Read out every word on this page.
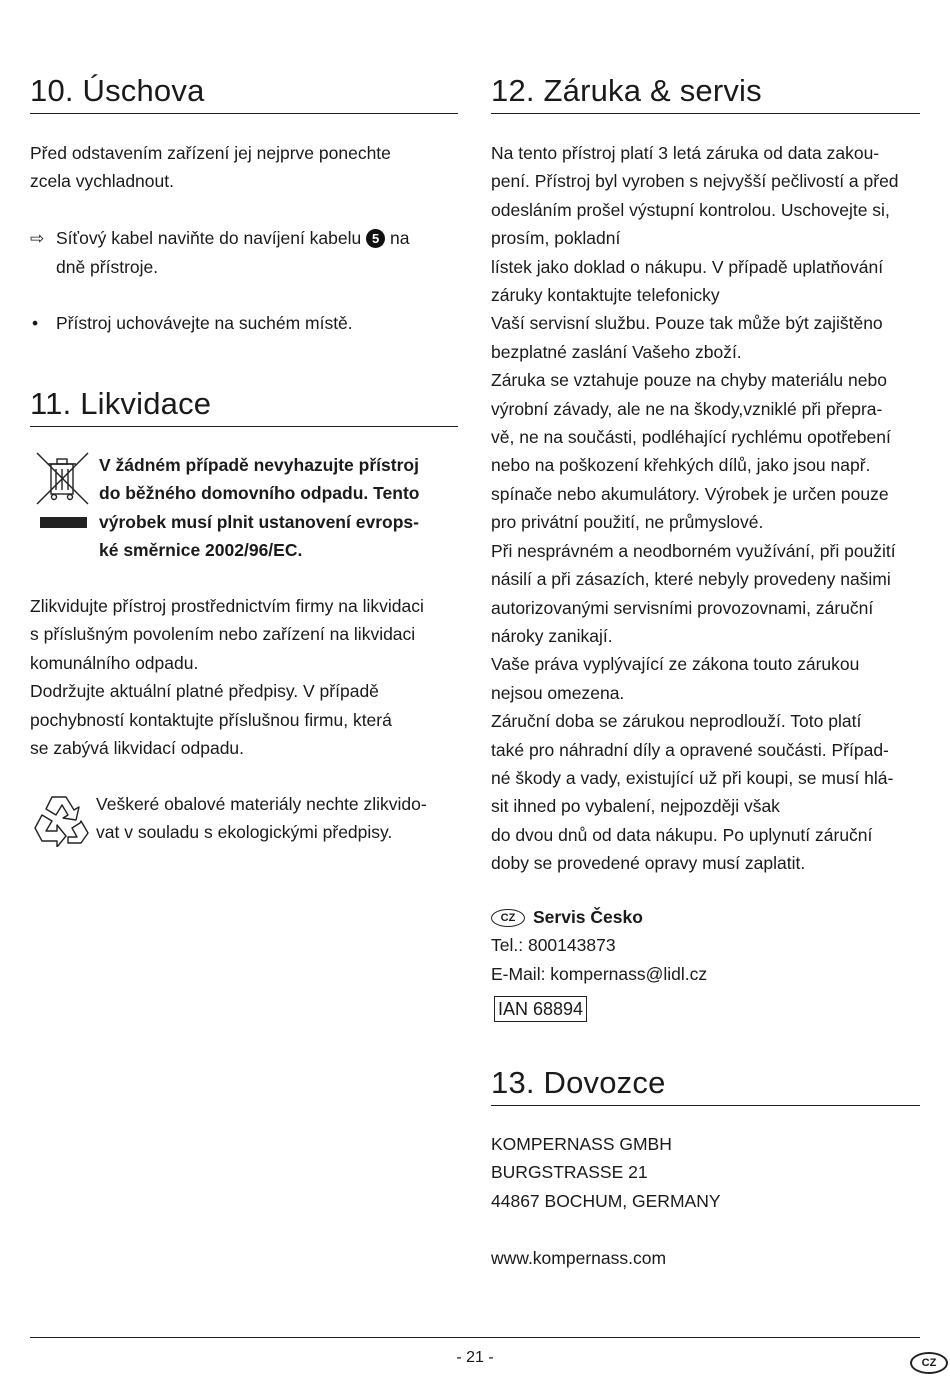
10. Úschova
Před odstavením zařízení jej nejprve ponechte
zcela vychladnout.
⇨ Síťový kabel naviňte do navíjení kabelu 5 na
dně přístroje.
• Přístroj uchovávejte na suchém místě.
11. Likvidace
V žádném případě nevyhazujte přístroj
do běžného domovního odpadu. Tento
výrobek musí plnit ustanovení evrops-
ké směrnice 2002/96/EC.
Zlikvidujte přístroj prostřednictvím firmy na likvidaci
s příslušným povolením nebo zařízení na likvidaci
komunálního odpadu.
Dodržujte aktuální platné předpisy. V případě
pochybností kontaktujte příslušnou firmu, která
se zabývá likvidací odpadu.
Veškeré obalové materiály nechte zlikvido-
vat v souladu s ekologickými předpisy.
12. Záruka & servis
Na tento přístroj platí 3 letá záruka od data zakou-
pení. Přístroj byl vyroben s nejvyšší pečlivostí a před
odesláním prošel výstupní kontrolou. Uschovejte si,
prosím, pokladní
lístek jako doklad o nákupu. V případě uplatňování
záruky kontaktujte telefonicky
Vaší servisní službu. Pouze tak může být zajištěno
bezplatné zaslání Vašeho zboží.
Záruka se vztahuje pouze na chyby materiálu nebo
výrobní závady, ale ne na škody,vzniklé při přepra-
vě, ne na součásti, podléhající rychlému opotřebení
nebo na poškození křehkých dílů, jako jsou např.
spínače nebo akumulátory. Výrobek je určen pouze
pro privátní použití, ne průmyslové.
Při nesprávném a neodborném využívání, při použití
násilí a při zásazích, které nebyly provedeny našimi
autorizovanými servisními provozovnami, záruční
nároky zanikají.
Vaše práva vyplývající ze zákona touto zárukou
nejsou omezena.
Záruční doba se zárukou neprodlouží. Toto platí
také pro náhradní díly a opravené součásti. Případ-
né škody a vady, existující už při koupi, se musí hlá-
sit ihned po vybalení, nejpozději však
do dvou dnů od data nákupu. Po uplynutí záruční
doby se provedené opravy musí zaplatit.
CZ Servis Česko
Tel.: 800143873
E-Mail: kompernass@lidl.cz
IAN 68894
13. Dovozce
KOMPERNASS GMBH
BURGSTRASSE 21
44867 BOCHUM, GERMANY
www.kompernass.com
- 21 -	CZ
